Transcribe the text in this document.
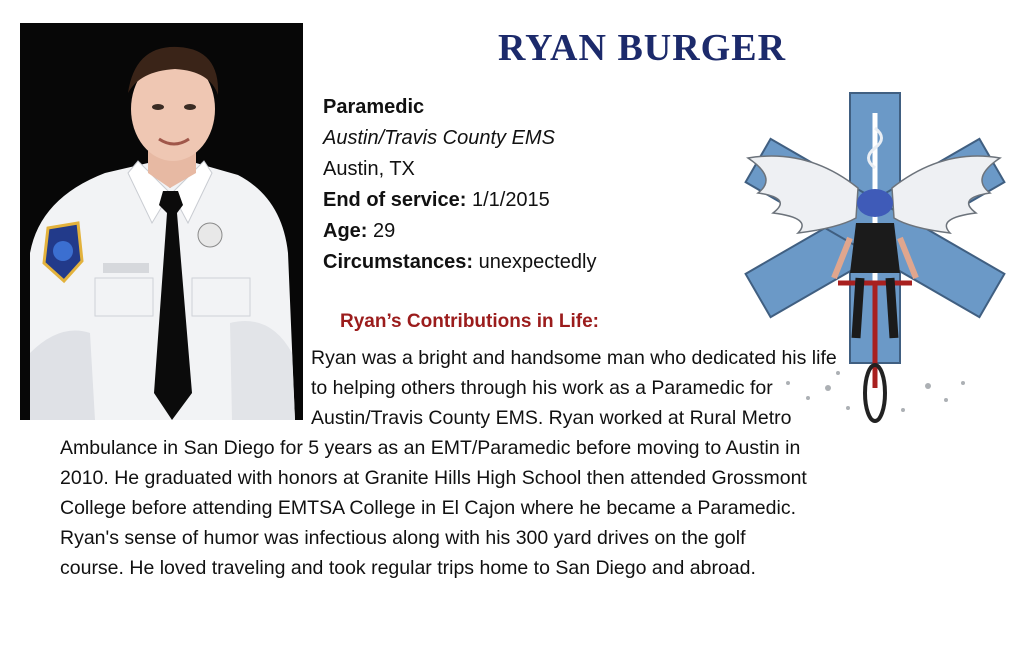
RYAN BURGER
Paramedic
Austin/Travis County EMS
Austin, TX
End of service: 1/1/2015
Age: 29
Circumstances: unexpectedly
Ryan’s Contributions in Life:
Ryan was a bright and handsome man who dedicated his life
to helping others through his work as a Paramedic for
Austin/Travis County EMS. Ryan worked at Rural Metro
Ambulance in San Diego for 5 years as an EMT/Paramedic before moving to Austin in
2010. He graduated with honors at Granite Hills High School then attended Grossmont
College before attending EMTSA College in El Cajon where he became a Paramedic.
Ryan's sense of humor was infectious along with his 300 yard drives on the golf
course. He loved traveling and took regular trips home to San Diego and abroad.
